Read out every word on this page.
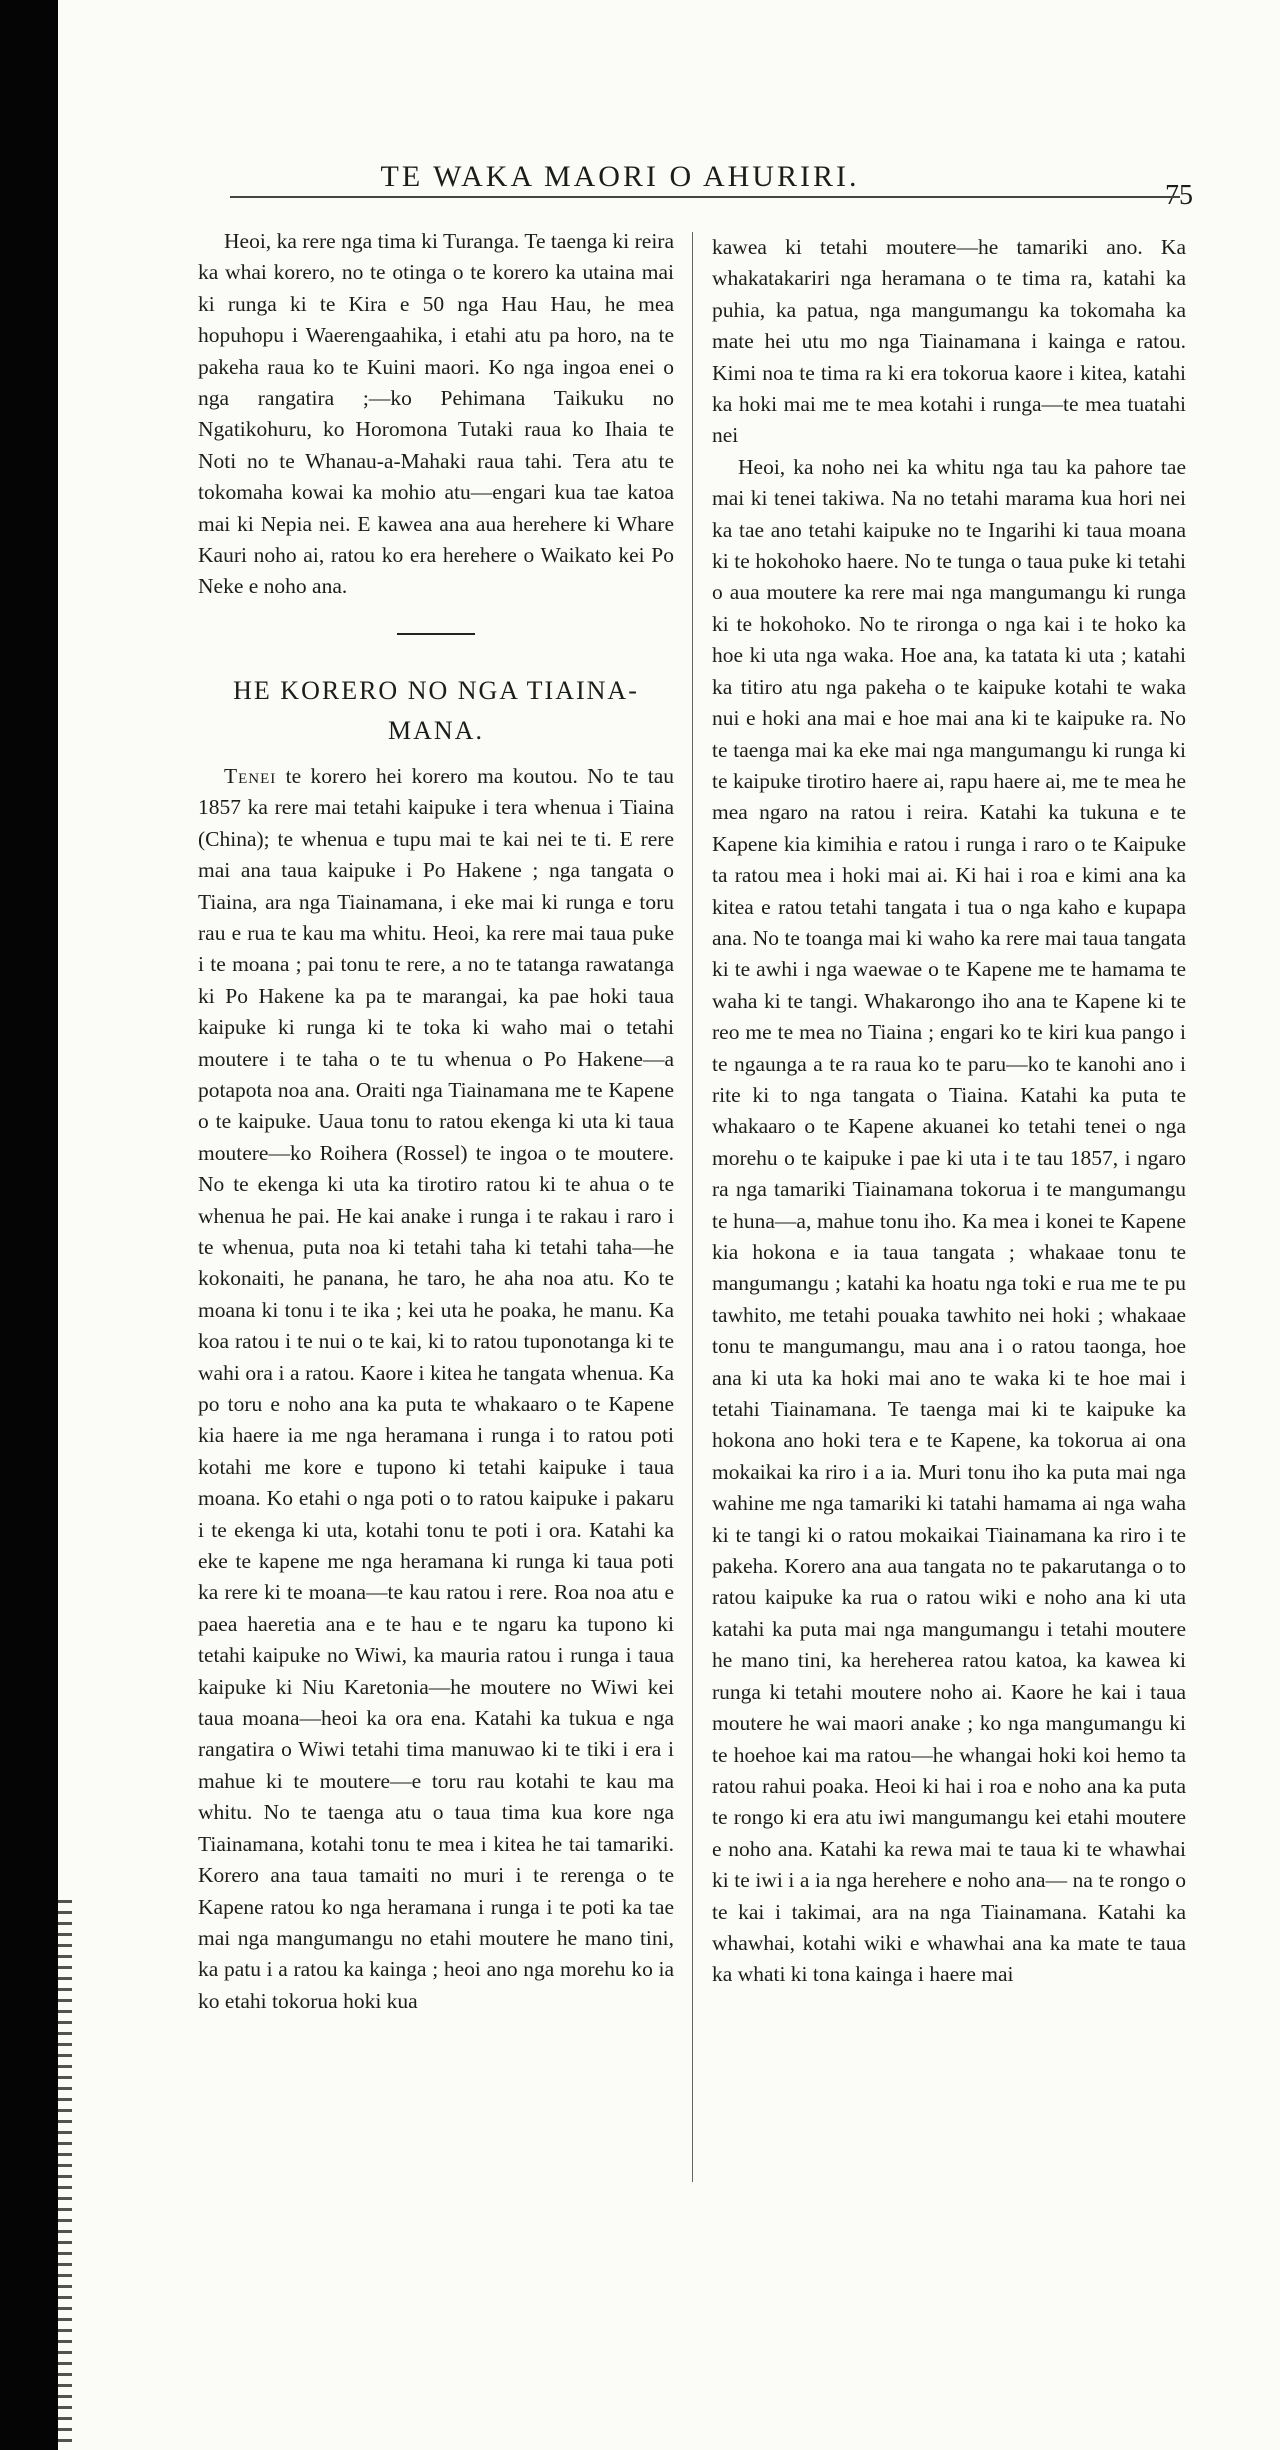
TE WAKA MAORI O AHURIRI.
75

Heoi, ka rere nga tima ki Turanga. Te taenga ki reira ka whai korero, no te otinga o te korero ka utaina mai ki runga ki te Kira e 50 nga Hau Hau, he mea hopuhopu i Waerengaahika, i etahi atu pa horo, na te pakeha raua ko te Kuini maori. Ko nga ingoa enei o nga rangatira ;—ko Pehimana Taikuku no Ngatikohuru, ko Horomona Tutaki raua ko Ihaia te Noti no te Whanau-a-Mahaki raua tahi. Tera atu te tokomaha kowai ka mohio atu—engari kua tae katoa mai ki Nepia nei. E kawea ana aua herehere ki Whare Kauri noho ai, ratou ko era herehere o Waikato kei Po Neke e noho ana.

HE KORERO NO NGA TIAINA-
MANA.

Tenei te korero hei korero ma koutou. No te tau 1857 ka rere mai tetahi kaipuke i tera whenua i Tiaina (China); te whenua e tupu mai te kai nei te ti. E rere mai ana taua kaipuke i Po Hakene ; nga tangata o Tiaina, ara nga Tiainamana, i eke mai ki runga e toru rau e rua te kau ma whitu. Heoi, ka rere mai taua puke i te moana ; pai tonu te rere, a no te tatanga rawatanga ki Po Hakene ka pa te marangai, ka pae hoki taua kaipuke ki runga ki te toka ki waho mai o tetahi moutere i te taha o te tu whenua o Po Hakene—a potapota noa ana. Oraiti nga Tiainamana me te Kapene o te kaipuke. Uaua tonu to ratou ekenga ki uta ki taua moutere—ko Roihera (Rossel) te ingoa o te moutere. No te ekenga ki uta ka tirotiro ratou ki te ahua o te whenua he pai. He kai anake i runga i te rakau i raro i te whenua, puta noa ki tetahi taha ki tetahi taha—he kokonaiti, he panana, he taro, he aha noa atu. Ko te moana ki tonu i te ika ; kei uta he poaka, he manu. Ka koa ratou i te nui o te kai, ki to ratou tuponotanga ki te wahi ora i a ratou. Kaore i kitea he tangata whenua. Ka po toru e noho ana ka puta te whakaaro o te Kapene kia haere ia me nga heramana i runga i to ratou poti kotahi me kore e tupono ki tetahi kaipuke i taua moana. Ko etahi o nga poti o to ratou kaipuke i pakaru i te ekenga ki uta, kotahi tonu te poti i ora. Katahi ka eke te kapene me nga heramana ki runga ki taua poti ka rere ki te moana—te kau ratou i rere. Roa noa atu e paea haeretia ana e te hau e te ngaru ka tupono ki tetahi kaipuke no Wiwi, ka mauria ratou i runga i taua kaipuke ki Niu Karetonia—he moutere no Wiwi kei taua moana—heoi ka ora ena. Katahi ka tukua e nga rangatira o Wiwi tetahi tima manuwao ki te tiki i era i mahue ki te moutere—e toru rau kotahi te kau ma whitu. No te taenga atu o taua tima kua kore nga Tiainamana, kotahi tonu te mea i kitea he tai tamariki. Korero ana taua tamaiti no muri i te rerenga o te Kapene ratou ko nga heramana i runga i te poti ka tae mai nga mangumangu no etahi moutere he mano tini, ka patu i a ratou ka kainga ; heoi ano nga morehu ko ia ko etahi tokorua hoki kua

kawea ki tetahi moutere—he tamariki ano. Ka whakatakariri nga heramana o te tima ra, katahi ka puhia, ka patua, nga mangumangu ka tokomaha ka mate hei utu mo nga Tiainamana i kainga e ratou. Kimi noa te tima ra ki era tokorua kaore i kitea, katahi ka hoki mai me te mea kotahi i runga—te mea tuatahi nei

Heoi, ka noho nei ka whitu nga tau ka pahore tae mai ki tenei takiwa. Na no tetahi marama kua hori nei ka tae ano tetahi kaipuke no te Ingarihi ki taua moana ki te hokohoko haere. No te tunga o taua puke ki tetahi o aua moutere ka rere mai nga mangumangu ki runga ki te hokohoko. No te rironga o nga kai i te hoko ka hoe ki uta nga waka. Hoe ana, ka tatata ki uta ; katahi ka titiro atu nga pakeha o te kaipuke kotahi te waka nui e hoki ana mai e hoe mai ana ki te kaipuke ra. No te taenga mai ka eke mai nga mangumangu ki runga ki te kaipuke tirotiro haere ai, rapu haere ai, me te mea he mea ngaro na ratou i reira. Katahi ka tukuna e te Kapene kia kimihia e ratou i runga i raro o te Kaipuke ta ratou mea i hoki mai ai. Ki hai i roa e kimi ana ka kitea e ratou tetahi tangata i tua o nga kaho e kupapa ana. No te toanga mai ki waho ka rere mai taua tangata ki te awhi i nga waewae o te Kapene me te hamama te waha ki te tangi. Whakarongo iho ana te Kapene ki te reo me te mea no Tiaina ; engari ko te kiri kua pango i te ngaunga a te ra raua ko te paru—ko te kanohi ano i rite ki to nga tangata o Tiaina. Katahi ka puta te whakaaro o te Kapene akuanei ko tetahi tenei o nga morehu o te kaipuke i pae ki uta i te tau 1857, i ngaro ra nga tamariki Tiainamana tokorua i te mangumangu te huna—a, mahue tonu iho. Ka mea i konei te Kapene kia hokona e ia taua tangata ; whakaae tonu te mangumangu ; katahi ka hoatu nga toki e rua me te pu tawhito, me tetahi pouaka tawhito nei hoki ; whakaae tonu te mangumangu, mau ana i o ratou taonga, hoe ana ki uta ka hoki mai ano te waka ki te hoe mai i tetahi Tiainamana. Te taenga mai ki te kaipuke ka hokona ano hoki tera e te Kapene, ka tokorua ai ona mokaikai ka riro i a ia. Muri tonu iho ka puta mai nga wahine me nga tamariki ki tatahi hamama ai nga waha ki te tangi ki o ratou mokaikai Tiainamana ka riro i te pakeha. Korero ana aua tangata no te pakarutanga o to ratou kaipuke ka rua o ratou wiki e noho ana ki uta katahi ka puta mai nga mangumangu i tetahi moutere he mano tini, ka hereherea ratou katoa, ka kawea ki runga ki tetahi moutere noho ai. Kaore he kai i taua moutere he wai maori anake ; ko nga mangumangu ki te hoehoe kai ma ratou—he whangai hoki koi hemo ta ratou rahui poaka. Heoi ki hai i roa e noho ana ka puta te rongo ki era atu iwi mangumangu kei etahi moutere e noho ana. Katahi ka rewa mai te taua ki te whawhai ki te iwi i a ia nga herehere e noho ana— na te rongo o te kai i takimai, ara na nga Tiainamana. Katahi ka whawhai, kotahi wiki e whawhai ana ka mate te taua ka whati ki tona kainga i haere mai
